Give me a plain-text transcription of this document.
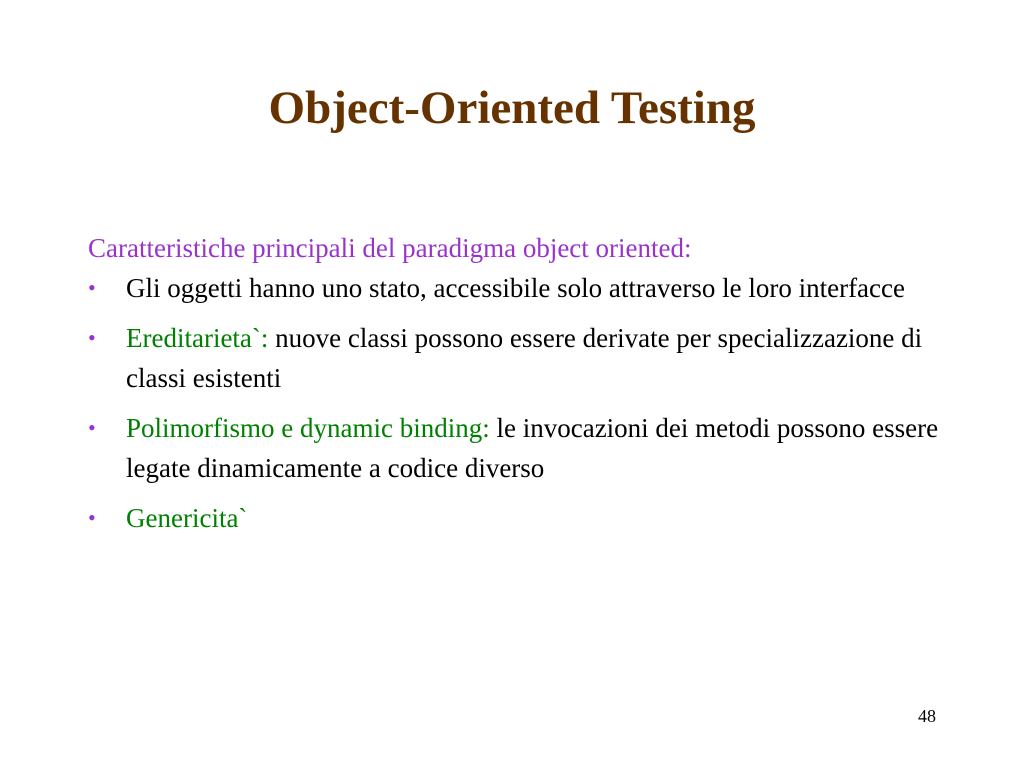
Object-Oriented Testing

Caratteristiche principali del paradigma object oriented:

• Gli oggetti hanno uno stato, accessibile solo attraverso le loro interfacce
• Ereditarieta`: nuove classi possono essere derivate per specializzazione di classi esistenti
• Polimorfismo e dynamic binding: le invocazioni dei metodi possono essere legate dinamicamente a codice diverso
• Genericita`
48
